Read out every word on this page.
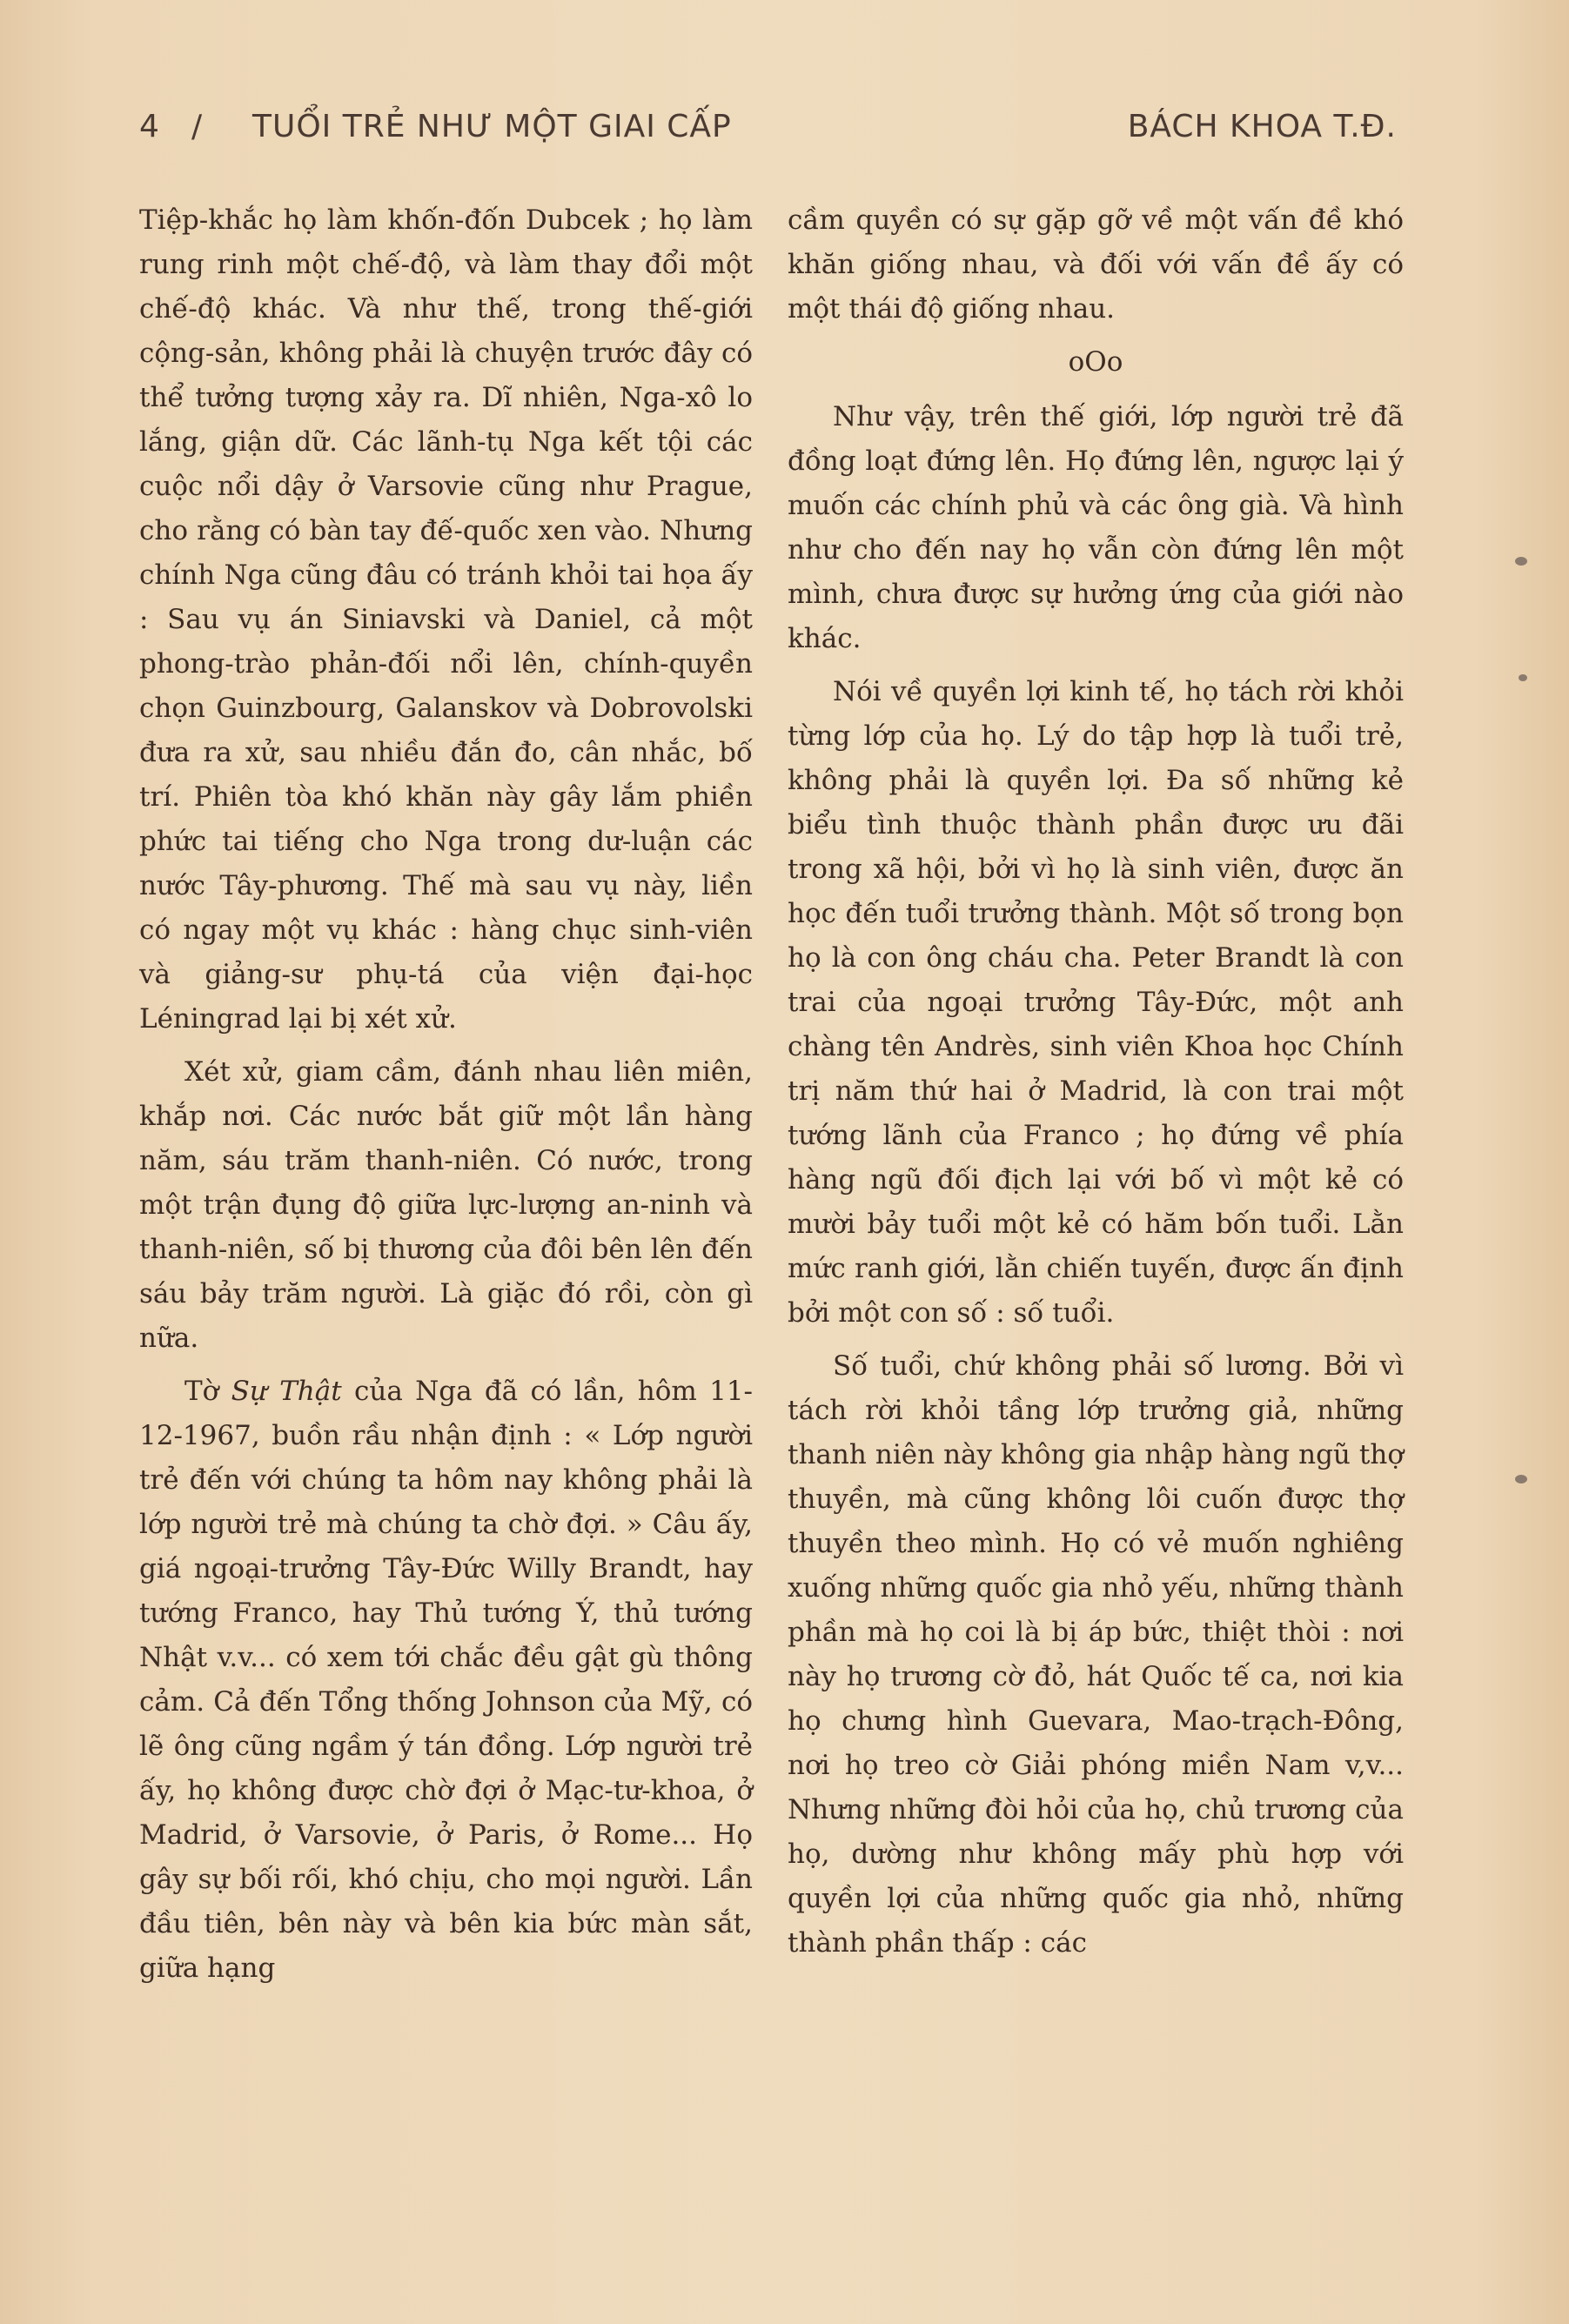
4 / TUỔI TRẺ NHƯ MỘT GIAI CẤP	BÁCH KHOA T.Đ.

Tiệp-khắc họ làm khốn-đốn Dubcek ; họ làm rung rinh một chế-độ, và làm thay đổi một chế-độ khác. Và như thế, trong thế-giới cộng-sản, không phải là chuyện trước đây có thể tưởng tượng xảy ra. Dĩ nhiên, Nga-xô lo lắng, giận dữ. Các lãnh-tụ Nga kết tội các cuộc nổi dậy ở Varsovie cũng như Prague, cho rằng có bàn tay đế-quốc xen vào. Nhưng chính Nga cũng đâu có tránh khỏi tai họa ấy : Sau vụ án Siniavski và Daniel, cả một phong-trào phản-đối nổi lên, chính-quyền chọn Guinzbourg, Galanskov và Dobrovolski đưa ra xử, sau nhiều đắn đo, cân nhắc, bố trí. Phiên tòa khó khăn này gây lắm phiền phức tai tiếng cho Nga trong dư-luận các nước Tây-phương. Thế mà sau vụ này, liền có ngay một vụ khác : hàng chục sinh-viên và giảng-sư phụ-tá của viện đại-học Léningrad lại bị xét xử.

Xét xử, giam cầm, đánh nhau liên miên, khắp nơi. Các nước bắt giữ một lần hàng năm, sáu trăm thanh-niên. Có nước, trong một trận đụng độ giữa lực-lượng an-ninh và thanh-niên, số bị thương của đôi bên lên đến sáu bảy trăm người. Là giặc đó rồi, còn gì nữa.

Tờ Sự Thật của Nga đã có lần, hôm 11-12-1967, buồn rầu nhận định : « Lớp người trẻ đến với chúng ta hôm nay không phải là lớp người trẻ mà chúng ta chờ đợi. » Câu ấy, giá ngoại-trưởng Tây-Đức Willy Brandt, hay tướng Franco, hay Thủ tướng Ý, thủ tướng Nhật v.v... có xem tới chắc đều gật gù thông cảm. Cả đến Tổng thống Johnson của Mỹ, có lẽ ông cũng ngầm ý tán đồng. Lớp người trẻ ấy, họ không được chờ đợi ở Mạc-tư-khoa, ở Madrid, ở Varsovie, ở Paris, ở Rome... Họ gây sự bối rối, khó chịu, cho mọi người. Lần đầu tiên, bên này và bên kia bức màn sắt, giữa hạng

cầm quyền có sự gặp gỡ về một vấn đề khó khăn giống nhau, và đối với vấn đề ấy có một thái độ giống nhau.

oOo

Như vậy, trên thế giới, lớp người trẻ đã đồng loạt đứng lên. Họ đứng lên, ngược lại ý muốn các chính phủ và các ông già. Và hình như cho đến nay họ vẫn còn đứng lên một mình, chưa được sự hưởng ứng của giới nào khác.

Nói về quyền lợi kinh tế, họ tách rời khỏi từng lớp của họ. Lý do tập hợp là tuổi trẻ, không phải là quyền lợi. Đa số những kẻ biểu tình thuộc thành phần được ưu đãi trong xã hội, bởi vì họ là sinh viên, được ăn học đến tuổi trưởng thành. Một số trong bọn họ là con ông cháu cha. Peter Brandt là con trai của ngoại trưởng Tây-Đức, một anh chàng tên Andrès, sinh viên Khoa học Chính trị năm thứ hai ở Madrid, là con trai một tướng lãnh của Franco ; họ đứng về phía hàng ngũ đối địch lại với bố vì một kẻ có mười bảy tuổi một kẻ có hăm bốn tuổi. Lằn mức ranh giới, lằn chiến tuyến, được ấn định bởi một con số : số tuổi.

Số tuổi, chứ không phải số lương. Bởi vì tách rời khỏi tầng lớp trưởng giả, những thanh niên này không gia nhập hàng ngũ thợ thuyền, mà cũng không lôi cuốn được thợ thuyền theo mình. Họ có vẻ muốn nghiêng xuống những quốc gia nhỏ yếu, những thành phần mà họ coi là bị áp bức, thiệt thòi : nơi này họ trương cờ đỏ, hát Quốc tế ca, nơi kia họ chưng hình Guevara, Mao-trạch-Đông, nơi họ treo cờ Giải phóng miền Nam v,v... Nhưng những đòi hỏi của họ, chủ trương của họ, dường như không mấy phù hợp với quyền lợi của những quốc gia nhỏ, những thành phần thấp : các
